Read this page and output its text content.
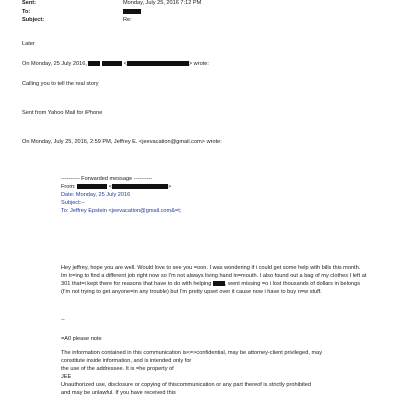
Sent:	Monday, July 25, 2016 7:12 PM
To:
Subject:	Re:
Later
On Monday, 25 July 2016,	<	> wrote:
Calling you to tell the real story
Sent from Yahoo Mail for iPhone
On Monday, July 25, 2016, 2:59 PM, Jeffrey E. <jeevacation@gmail.com> wrote:
---------- Forwarded message ----------
From:	<	>
Date: Monday, 25 July 2016
Subject:--
To: Jeffrey Epstein <jeevacation@gmail.com&=t;
Hey jeffrey, hope you are well. Would love to see you =oon. I was wondering if i could get some help with bills this month. Im tr=ing to find a different job right now so I'm not always living hand in=mouth. I also found out a bag of my clothes I left at 301 that=i kept there for reasons that have to do with helping , went missing =o i lost thousands of dollars in belongs (I'm not trying to get anyone=in any trouble) but I'm pretty upset over it cause now i have to buy n=w stuff.
--
=A0 please note
The information contained in this communication is<=>confidential, may be attorney-client privileged, may
constitute inside information, and is intended only for
the use of the addressee. It is =he property of
JEE
Unauthorized use, disclosure or copying of thiscommunication or any part thereof is strictly prohibited
and may be unlawful. If you have received this
